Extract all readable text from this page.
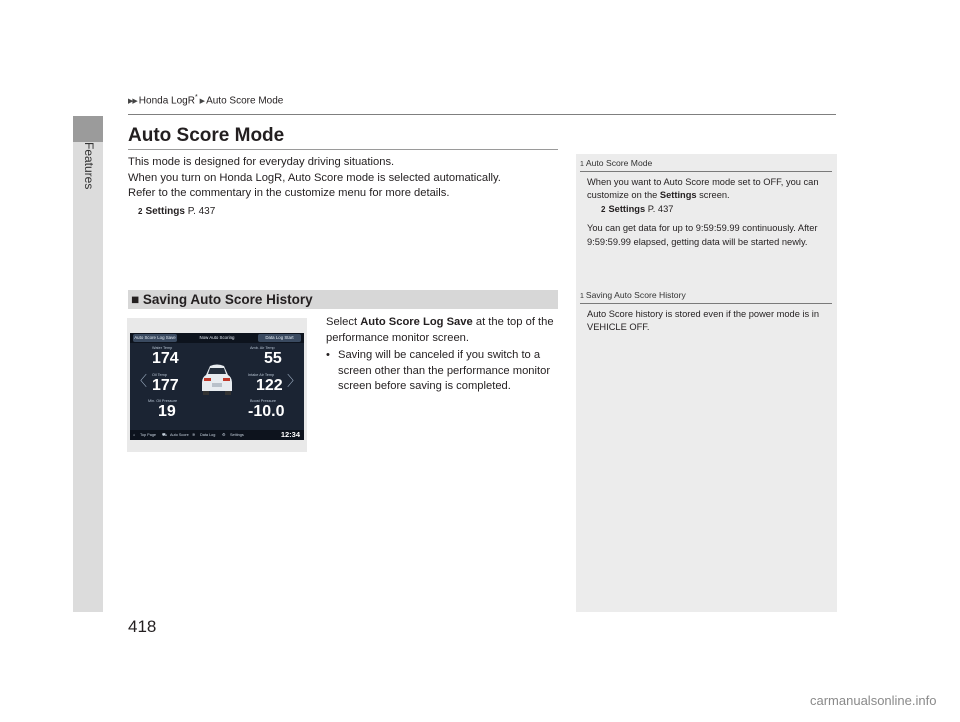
Features
▶▶ Honda LogR*▶ Auto Score Mode
Auto Score Mode

This mode is designed for everyday driving situations.

When you turn on Honda LogR, Auto Score mode is selected automatically.

Refer to the commentary in the customize menu for more details.

2 Settings P. 437
■ Saving Auto Score History
Auto Score Log Save	Now Auto Scoring	Data Log Start
〈	〉
Water Temp
174
Oil Temp
177
Min. Oil Pressure
19
Amb. Air Temp
55
Intake Air Temp
122
Boost Pressure
-10.0
⌂ Top Page ⛟ Auto Score ≋ Data Log ⚙ Settings	12:34

Select Auto Score Log Save at the top of the performance monitor screen.

• Saving will be canceled if you switch to a screen other than the performance monitor screen before saving is completed.
1 Auto Score Mode

When you want to Auto Score mode set to OFF, you can customize on the Settings screen.

2 Settings P. 437

You can get data for up to 9:59:59.99 continuously. After 9:59:59.99 elapsed, getting data will be started newly.

1 Saving Auto Score History

Auto Score history is stored even if the power mode is in VEHICLE OFF.

418
carmanualsonline.info
